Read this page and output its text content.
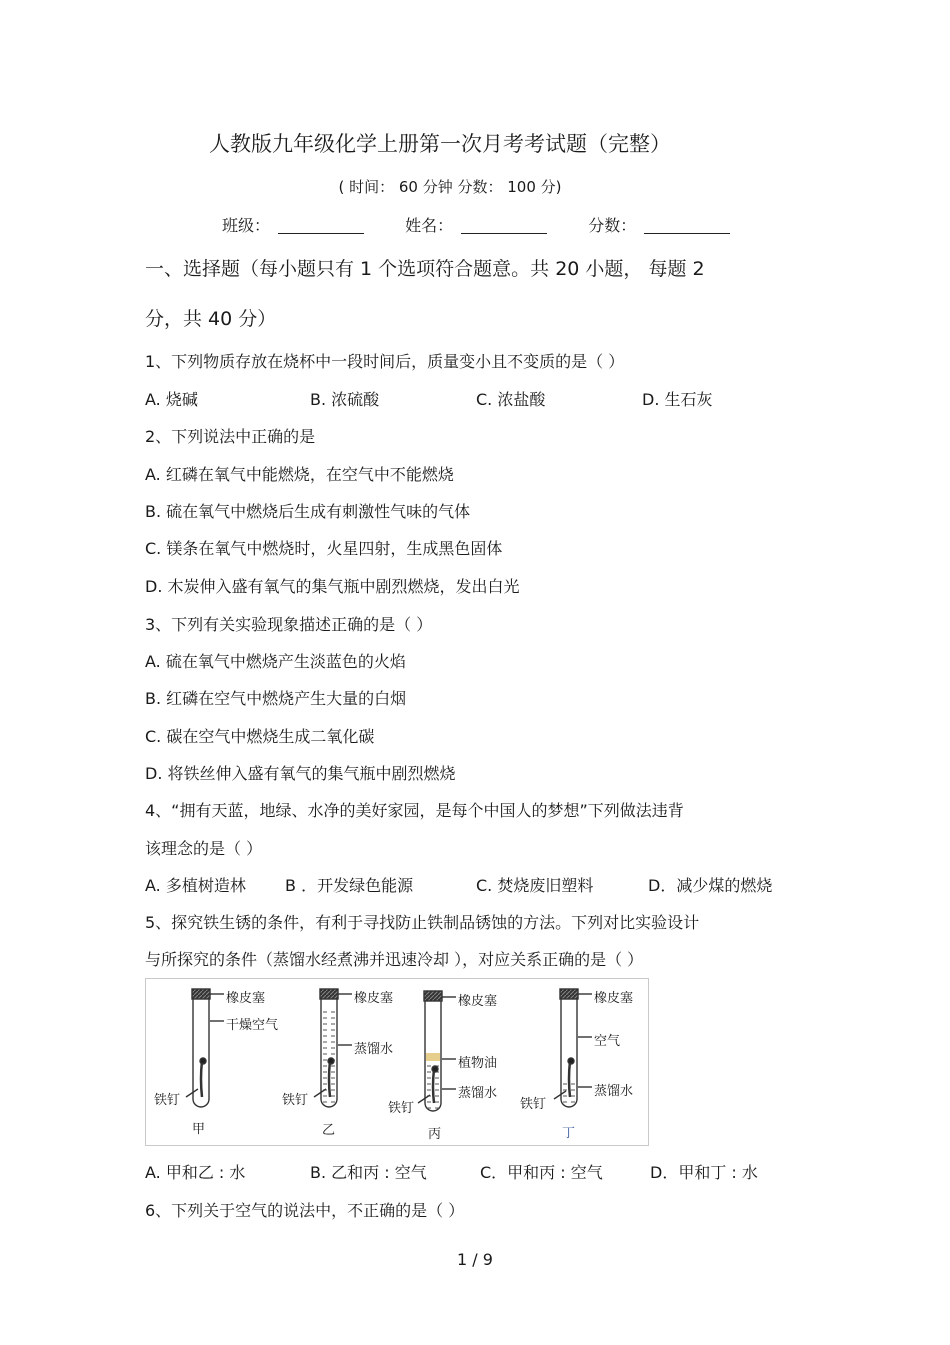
人教版九年级化学上册第一次月考考试题（完整）
( 时间： 60 分钟 分数： 100 分)
班级：	姓名：	分数：
一、选择题（每小题只有 1 个选项符合题意。共 20 小题， 每题 2
分，共 40 分）
1、下列物质存放在烧杯中一段时间后，质量变小且不变质的是（ ）
A. 烧碱	B. 浓硫酸	C. 浓盐酸	D. 生石灰
2、下列说法中正确的是
A. 红磷在氧气中能燃烧，在空气中不能燃烧
B. 硫在氧气中燃烧后生成有刺激性气味的气体
C. 镁条在氧气中燃烧时，火星四射，生成黑色固体
D. 木炭伸入盛有氧气的集气瓶中剧烈燃烧，发出白光
3、下列有关实验现象描述正确的是（ ）
A. 硫在氧气中燃烧产生淡蓝色的火焰
B. 红磷在空气中燃烧产生大量的白烟
C. 碳在空气中燃烧生成二氧化碳
D. 将铁丝伸入盛有氧气的集气瓶中剧烈燃烧
4、“拥有天蓝，地绿、水净的美好家园，是每个中国人的梦想”下列做法违背
该理念的是（ ）
A. 多植树造林 B ．开发绿色能源	C. 焚烧废旧塑料	D．减少煤的燃烧
5、探究铁生锈的条件，有利于寻找防止铁制品锈蚀的方法。下列对比实验设计
与所探究的条件（蒸馏水经煮沸并迅速冷却 ），对应关系正确的是（ ）
橡皮塞
干燥空气
铁钉
甲
橡皮塞
蒸馏水
铁钉
乙
橡皮塞
植物油
蒸馏水
铁钉
丙
橡皮塞
空气
蒸馏水
铁钉
丁
A. 甲和乙 : 水	B. 乙和丙 : 空气	C．甲和丙 : 空气	D．甲和丁 : 水
6、下列关于空气的说法中，不正确的是（ ）
1 / 9
